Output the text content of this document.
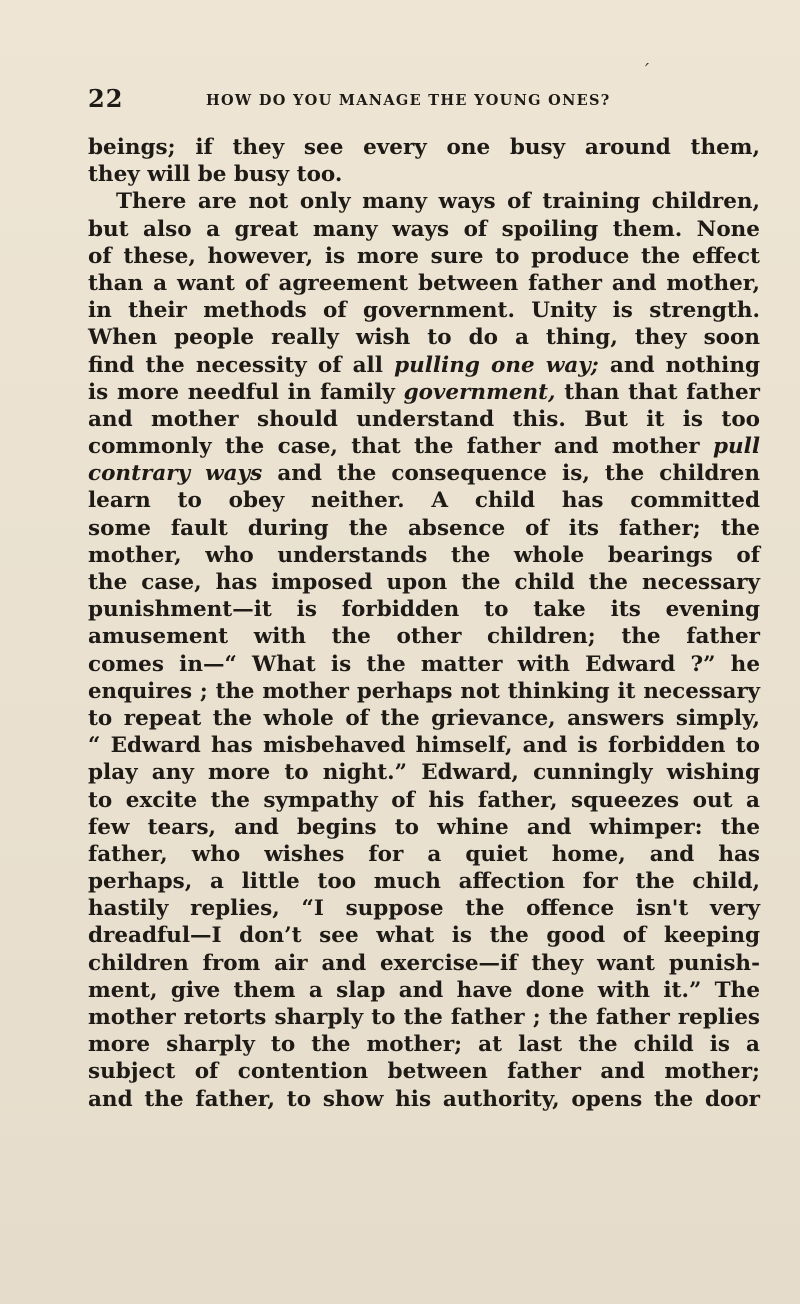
′
22	HOW DO YOU MANAGE THE YOUNG ONES?
beings; if they see every one busy around them,
they will be busy too.
There are not only many ways of training children,
but also a great many ways of spoiling them. None
of these, however, is more sure to produce the effect
than a want of agreement between father and mother,
in their methods of government. Unity is strength.
When people really wish to do a thing, they soon
find the necessity of all pulling one way; and nothing
is more needful in family government, than that father
and mother should understand this. But it is too
commonly the case, that the father and mother pull
contrary ways and the consequence is, the children
learn to obey neither. A child has committed
some fault during the absence of its father; the
mother, who understands the whole bearings of
the case, has imposed upon the child the necessary
punishment—it is forbidden to take its evening
amusement with the other children; the father
comes in—“ What is the matter with Edward ?” he
enquires ; the mother perhaps not thinking it necessary
to repeat the whole of the grievance, answers simply,
“ Edward has misbehaved himself, and is forbidden to
play any more to night.” Edward, cunningly wishing
to excite the sympathy of his father, squeezes out a
few tears, and begins to whine and whimper: the
father, who wishes for a quiet home, and has
perhaps, a little too much affection for the child,
hastily replies, “I suppose the offence isn't very
dreadful—I don’t see what is the good of keeping
children from air and exercise—if they want punish-
ment, give them a slap and have done with it.” The
mother retorts sharply to the father ; the father replies
more sharply to the mother; at last the child is a
subject of contention between father and mother;
and the father, to show his authority, opens the door
